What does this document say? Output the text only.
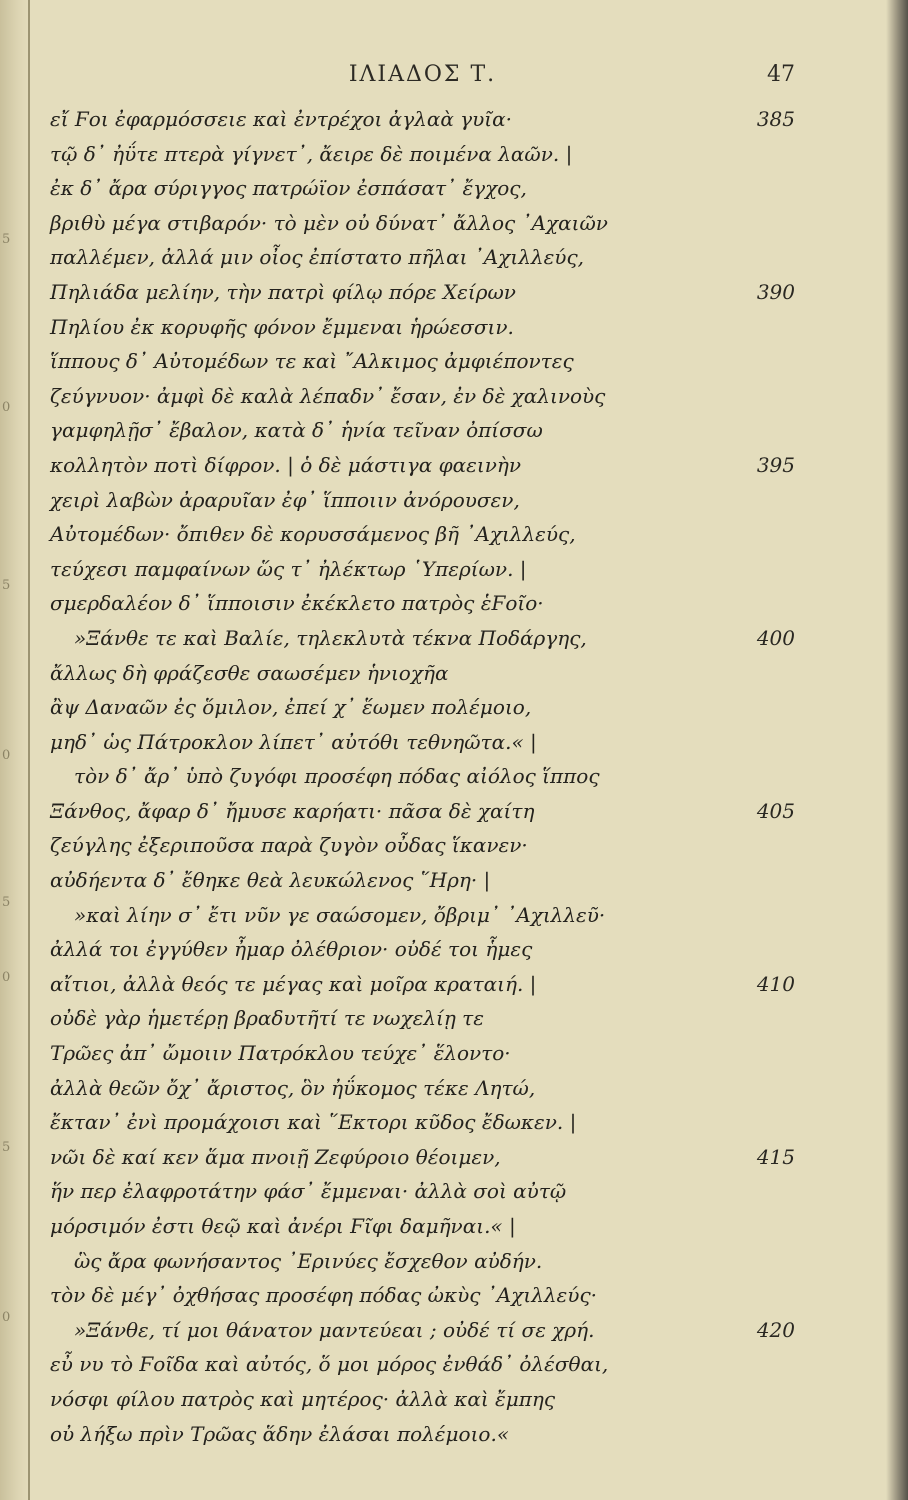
5
0
5
0
5
0
5
0
ΙΛΙΑΔΟΣ Τ.	47
εἴ Ϝοι ἐφαρμόσσειε καὶ ἐντρέχοι ἀγλαὰ γυῖα·	385
τῷ δ᾽ ἠΰτε πτερὰ γίγνετ᾽, ἄειρε δὲ ποιμένα λαῶν. |
ἐκ δ᾽ ἄρα σύριγγος πατρώϊον ἐσπάσατ᾽ ἔγχος,
βριθὺ μέγα στιβαρόν· τὸ μὲν οὐ δύνατ᾽ ἄλλος ᾽Αχαιῶν
παλλέμεν, ἀλλά μιν οἶος ἐπίστατο πῆλαι ᾽Αχιλλεύς,
Πηλιάδα μελίην, τὴν πατρὶ φίλῳ πόρε Χείρων	390
Πηλίου ἐκ κορυφῆς φόνον ἔμμεναι ἡρώεσσιν.
ἵππους δ᾽ Αὐτομέδων τε καὶ ῎Αλκιμος ἀμφιέποντες
ζεύγνυον· ἀμφὶ δὲ καλὰ λέπαδν᾽ ἔσαν, ἐν δὲ χαλινοὺς
γαμφηλῇσ᾽ ἔβαλον, κατὰ δ᾽ ἡνία τεῖναν ὀπίσσω
κολλητὸν ποτὶ δίφρον. | ὁ δὲ μάστιγα φαεινὴν	395
χειρὶ λαβὼν ἀραρυῖαν ἐφ᾽ ἵπποιιν ἀνόρουσεν,
Αὐτομέδων· ὄπιθεν δὲ κορυσσάμενος βῆ ᾽Αχιλλεύς,
τεύχεσι παμφαίνων ὥς τ᾽ ἠλέκτωρ ῾Υπερίων. |
σμερδαλέον δ᾽ ἵπποισιν ἐκέκλετο πατρὸς ἑϜοῖο·
»Ξάνθε τε καὶ Βαλίε, τηλεκλυτὰ τέκνα Ποδάργης,	400
ἄλλως δὴ φράζεσθε σαωσέμεν ἡνιοχῆα
ἂψ Δαναῶν ἐς ὅμιλον, ἐπεί χ᾽ ἕωμεν πολέμοιο,
μηδ᾽ ὡς Πάτροκλον λίπετ᾽ αὐτόθι τεθνηῶτα.« |
τὸν δ᾽ ἄρ᾽ ὑπὸ ζυγόφι προσέφη πόδας αἰόλος ἵππος
Ξάνθος, ἄφαρ δ᾽ ἤμυσε καρήατι· πᾶσα δὲ χαίτη	405
ζεύγλης ἐξεριποῦσα παρὰ ζυγὸν οὖδας ἵκανεν·
αὐδήεντα δ᾽ ἔθηκε θεὰ λευκώλενος ῞Ηρη· |
»καὶ λίην σ᾽ ἔτι νῦν γε σαώσομεν, ὄβριμ᾽ ᾽Αχιλλεῦ·
ἀλλά τοι ἐγγύθεν ἦμαρ ὀλέθριον· οὐδέ τοι ἧμες
αἴτιοι, ἀλλὰ θεός τε μέγας καὶ μοῖρα κραταιή. |	410
οὐδὲ γὰρ ἡμετέρῃ βραδυτῆτί τε νωχελίῃ τε
Τρῶες ἀπ᾽ ὤμοιιν Πατρόκλου τεύχε᾽ ἕλοντο·
ἀλλὰ θεῶν ὄχ᾽ ἄριστος, ὃν ἠΰκομος τέκε Λητώ,
ἔκταν᾽ ἐνὶ προμάχοισι καὶ ῞Εκτορι κῦδος ἔδωκεν. |
νῶι δὲ καί κεν ἅμα πνοιῇ Ζεφύροιο θέοιμεν,	415
ἥν περ ἐλαφροτάτην φάσ᾽ ἔμμεναι· ἀλλὰ σοὶ αὐτῷ
μόρσιμόν ἐστι θεῷ καὶ ἀνέρι Ϝῖφι δαμῆναι.« |
ὣς ἄρα φωνήσαντος ᾽Ερινύες ἔσχεθον αὐδήν.
τὸν δὲ μέγ᾽ ὀχθήσας προσέφη πόδας ὠκὺς ᾽Αχιλλεύς·
»Ξάνθε, τί μοι θάνατον μαντεύεαι ; οὐδέ τί σε χρή.	420
εὖ νυ τὸ Ϝοῖδα καὶ αὐτός, ὅ μοι μόρος ἐνθάδ᾽ ὀλέσθαι,
νόσφι φίλου πατρὸς καὶ μητέρος· ἀλλὰ καὶ ἔμπης
οὐ λήξω πρὶν Τρῶας ἅδην ἐλάσαι πολέμοιο.«
